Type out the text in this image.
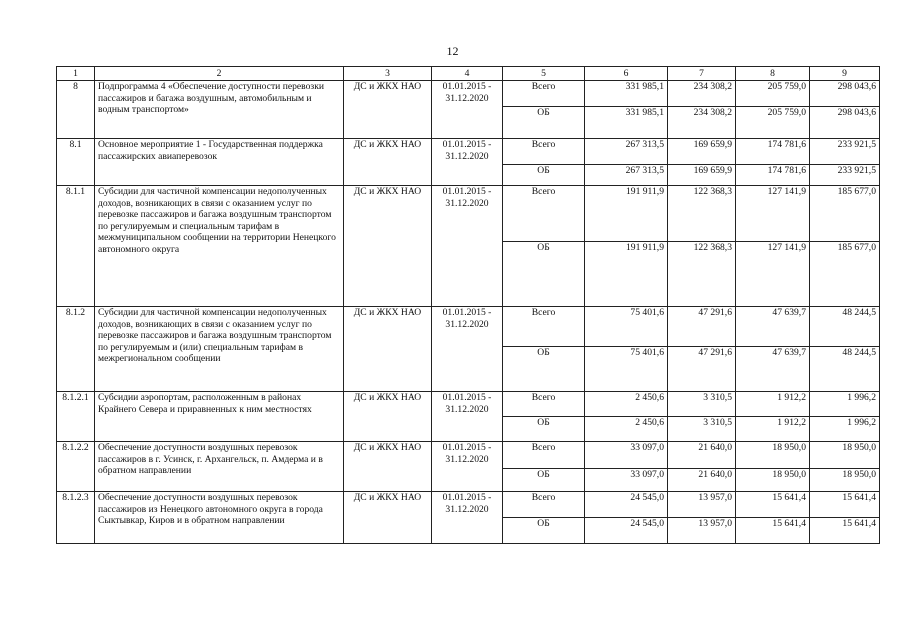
12
1	2	3	4	5	6	7	8	9
8	Подпрограмма 4 «Обеспечение доступности перевозки пассажиров и багажа воздушным, автомобильным и водным транспортом»	ДС и ЖКХ НАО	01.01.2015 - 31.12.2020	Всего	331 985,1	234 308,2	205 759,0	298 043,6
				ОБ	331 985,1	234 308,2	205 759,0	298 043,6
8.1	Основное мероприятие 1 - Государственная поддержка пассажирских авиаперевозок	ДС и ЖКХ НАО	01.01.2015 - 31.12.2020	Всего	267 313,5	169 659,9	174 781,6	233 921,5
				ОБ	267 313,5	169 659,9	174 781,6	233 921,5
8.1.1	Субсидии для частичной компенсации недополученных доходов, возникающих в связи с оказанием услуг по перевозке пассажиров и багажа воздушным транспортом по регулируемым и специальным тарифам в межмуниципальном сообщении на территории Ненецкого автономного округа	ДС и ЖКХ НАО	01.01.2015 - 31.12.2020	Всего	191 911,9	122 368,3	127 141,9	185 677,0
				ОБ	191 911,9	122 368,3	127 141,9	185 677,0
8.1.2	Субсидии для частичной компенсации недополученных доходов, возникающих в связи с оказанием услуг по перевозке пассажиров и багажа воздушным транспортом по регулируемым и (или) специальным тарифам в межрегиональном сообщении	ДС и ЖКХ НАО	01.01.2015 - 31.12.2020	Всего	75 401,6	47 291,6	47 639,7	48 244,5
				ОБ	75 401,6	47 291,6	47 639,7	48 244,5
8.1.2.1	Субсидии аэропортам, расположенным в районах Крайнего Севера и приравненных к ним местностях	ДС и ЖКХ НАО	01.01.2015 - 31.12.2020	Всего	2 450,6	3 310,5	1 912,2	1 996,2
				ОБ	2 450,6	3 310,5	1 912,2	1 996,2
8.1.2.2	Обеспечение доступности воздушных перевозок пассажиров в г. Усинск, г. Архангельск, п. Амдерма и в обратном направлении	ДС и ЖКХ НАО	01.01.2015 - 31.12.2020	Всего	33 097,0	21 640,0	18 950,0	18 950,0
				ОБ	33 097,0	21 640,0	18 950,0	18 950,0
8.1.2.3	Обеспечение доступности воздушных перевозок пассажиров из Ненецкого автономного округа в города Сыктывкар, Киров и в обратном направлении	ДС и ЖКХ НАО	01.01.2015 - 31.12.2020	Всего	24 545,0	13 957,0	15 641,4	15 641,4
				ОБ	24 545,0	13 957,0	15 641,4	15 641,4
